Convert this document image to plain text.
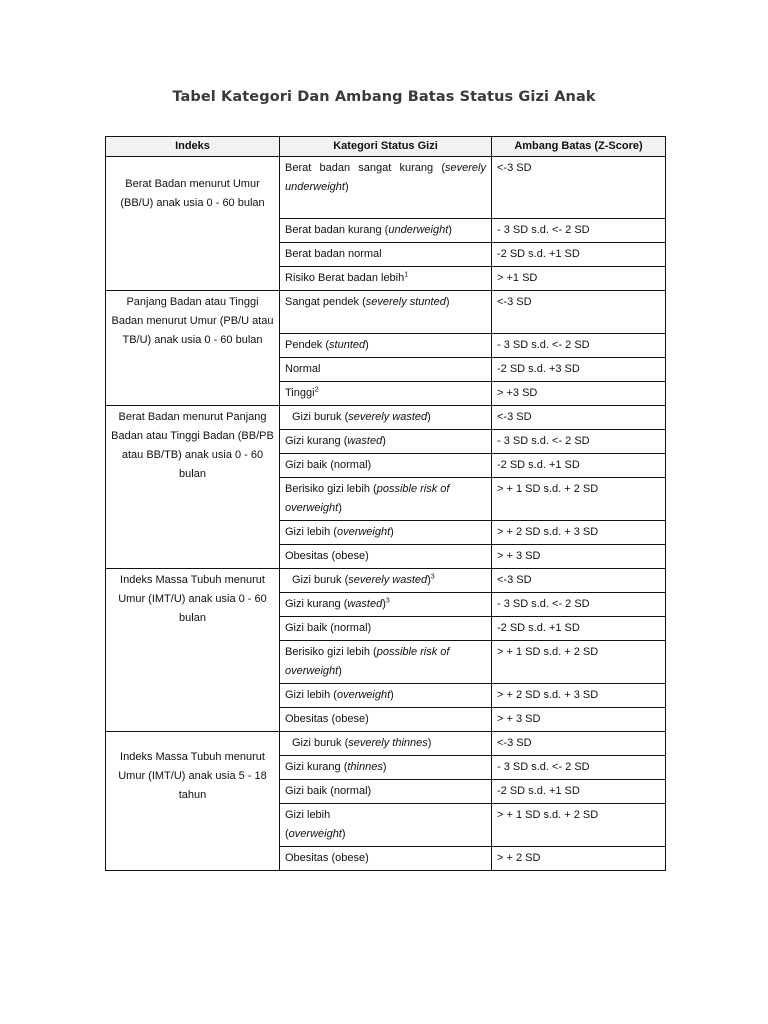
Tabel Kategori Dan Ambang Batas Status Gizi Anak
Indeks	Kategori Status Gizi	Ambang Batas (Z-Score)
Berat Badan menurut Umur (BB/U) anak usia 0 - 60 bulan	Berat badan sangat kurang (severely underweight)	<-3 SD
	Berat badan kurang (underweight)	- 3 SD s.d. <- 2 SD
	Berat badan normal	-2 SD s.d. +1 SD
	Risiko Berat badan lebih$^1$	> +1 SD
Panjang Badan atau Tinggi Badan menurut Umur (PB/U atau TB/U) anak usia 0 - 60 bulan	Sangat pendek (severely stunted)	<-3 SD
	Pendek (stunted)	- 3 SD s.d. <- 2 SD
	Normal	-2 SD s.d. +3 SD
	Tinggi$^2$	> +3 SD
Berat Badan menurut Panjang Badan atau Tinggi Badan (BB/PB atau BB/TB) anak usia 0 - 60 bulan	Gizi buruk (severely wasted)	<-3 SD
	Gizi kurang (wasted)	- 3 SD s.d. <- 2 SD
	Gizi baik (normal)	-2 SD s.d. +1 SD
	Berisiko gizi lebih (possible risk of overweight)	> + 1 SD s.d. + 2 SD
	Gizi lebih (overweight)	> + 2 SD s.d. + 3 SD
	Obesitas (obese)	> + 3 SD
Indeks Massa Tubuh menurut Umur (IMT/U) anak usia 0 - 60 bulan	Gizi buruk (severely wasted)$^3$	<-3 SD
	Gizi kurang (wasted)$^3$	- 3 SD s.d. <- 2 SD
	Gizi baik (normal)	-2 SD s.d. +1 SD
	Berisiko gizi lebih (possible risk of overweight)	> + 1 SD s.d. + 2 SD
	Gizi lebih (overweight)	> + 2 SD s.d. + 3 SD
	Obesitas (obese)	> + 3 SD
Indeks Massa Tubuh menurut Umur (IMT/U) anak usia 5 - 18 tahun	Gizi buruk (severely thinnes)	<-3 SD
	Gizi kurang (thinnes)	- 3 SD s.d. <- 2 SD
	Gizi baik (normal)	-2 SD s.d. +1 SD
	Gizi lebih (overweight)	> + 1 SD s.d. + 2 SD
	Obesitas (obese)	> + 2 SD
